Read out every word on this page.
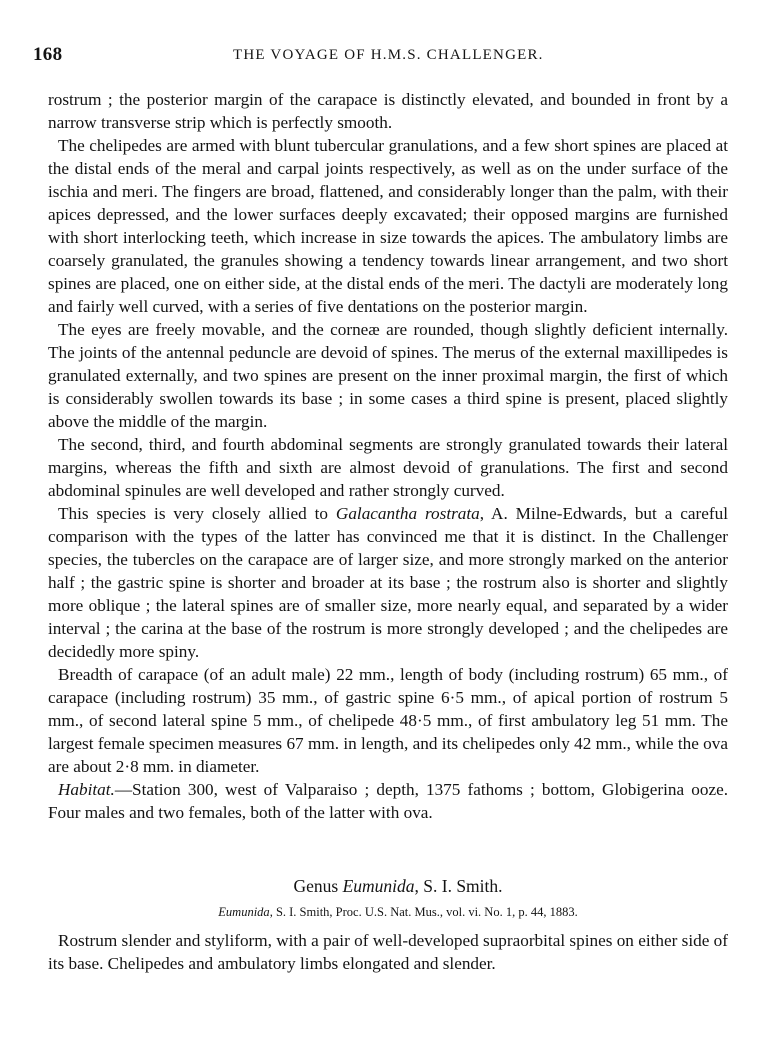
168	THE VOYAGE OF H.M.S. CHALLENGER.

rostrum ; the posterior margin of the carapace is distinctly elevated, and bounded in front by a narrow transverse strip which is perfectly smooth.

The chelipedes are armed with blunt tubercular granulations, and a few short spines are placed at the distal ends of the meral and carpal joints respectively, as well as on the under surface of the ischia and meri. The fingers are broad, flattened, and considerably longer than the palm, with their apices depressed, and the lower surfaces deeply excavated; their opposed margins are furnished with short interlocking teeth, which increase in size towards the apices. The ambulatory limbs are coarsely granulated, the granules showing a tendency towards linear arrangement, and two short spines are placed, one on either side, at the distal ends of the meri. The dactyli are moderately long and fairly well curved, with a series of five dentations on the posterior margin.

The eyes are freely movable, and the corneæ are rounded, though slightly deficient internally. The joints of the antennal peduncle are devoid of spines. The merus of the external maxillipedes is granulated externally, and two spines are present on the inner proximal margin, the first of which is considerably swollen towards its base ; in some cases a third spine is present, placed slightly above the middle of the margin.

The second, third, and fourth abdominal segments are strongly granulated towards their lateral margins, whereas the fifth and sixth are almost devoid of granulations. The first and second abdominal spinules are well developed and rather strongly curved.

This species is very closely allied to Galacantha rostrata, A. Milne-Edwards, but a careful comparison with the types of the latter has convinced me that it is distinct. In the Challenger species, the tubercles on the carapace are of larger size, and more strongly marked on the anterior half ; the gastric spine is shorter and broader at its base ; the rostrum also is shorter and slightly more oblique ; the lateral spines are of smaller size, more nearly equal, and separated by a wider interval ; the carina at the base of the rostrum is more strongly developed ; and the chelipedes are decidedly more spiny.

Breadth of carapace (of an adult male) 22 mm., length of body (including rostrum) 65 mm., of carapace (including rostrum) 35 mm., of gastric spine 6·5 mm., of apical portion of rostrum 5 mm., of second lateral spine 5 mm., of chelipede 48·5 mm., of first ambulatory leg 51 mm. The largest female specimen measures 67 mm. in length, and its chelipedes only 42 mm., while the ova are about 2·8 mm. in diameter.

Habitat.—Station 300, west of Valparaiso ; depth, 1375 fathoms ; bottom, Globigerina ooze. Four males and two females, both of the latter with ova.

Genus Eumunida, S. I. Smith.

Eumunida, S. I. Smith, Proc. U.S. Nat. Mus., vol. vi. No. 1, p. 44, 1883.

Rostrum slender and styliform, with a pair of well-developed supraorbital spines on either side of its base. Chelipedes and ambulatory limbs elongated and slender.
